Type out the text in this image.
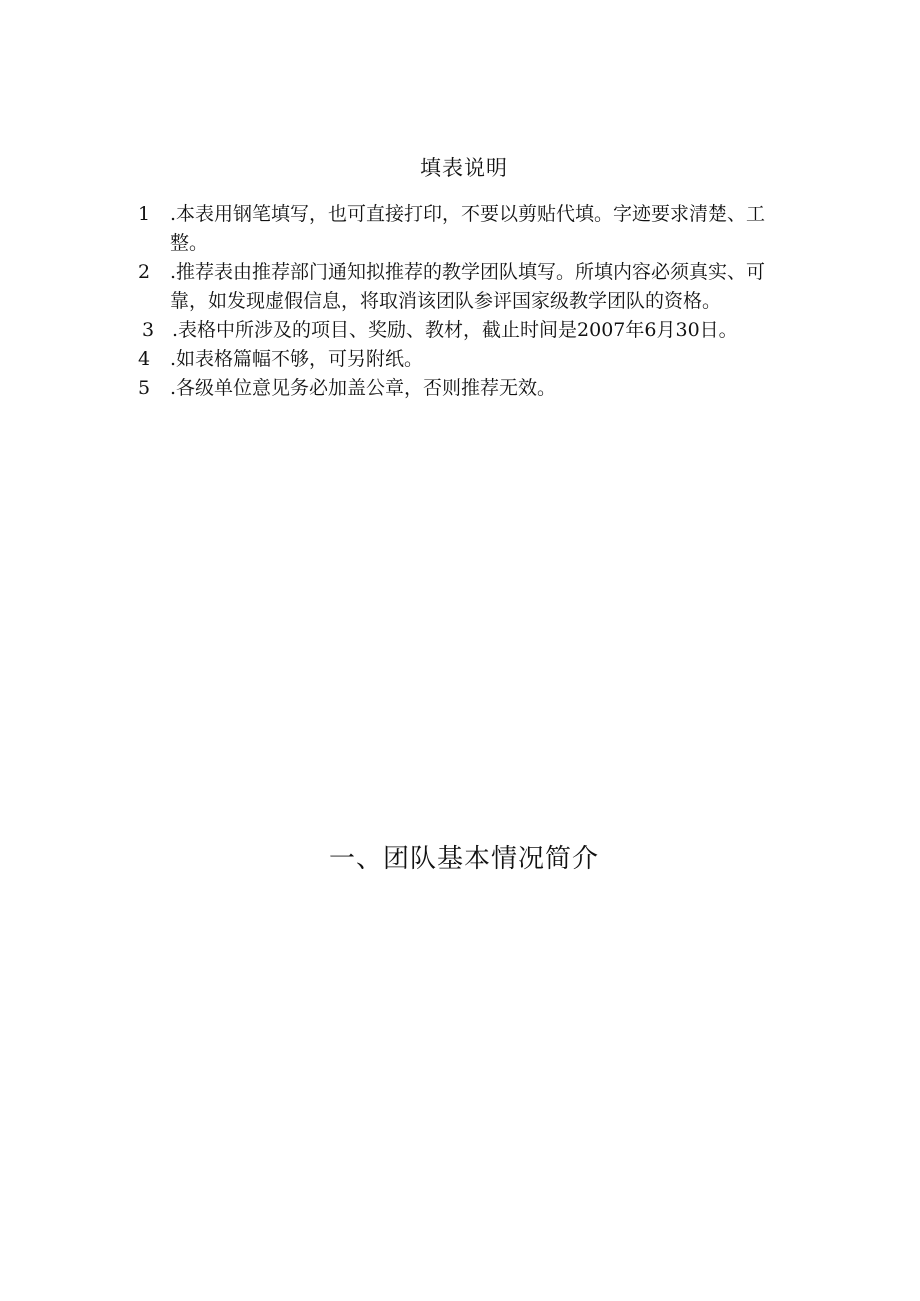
填表说明
1 .本表用钢笔填写，也可直接打印，不要以剪贴代填。字迹要求清楚、工整。
2 .推荐表由推荐部门通知拟推荐的教学团队填写。所填内容必须真实、可靠，如发现虚假信息，将取消该团队参评国家级教学团队的资格。
3 .表格中所涉及的项目、奖励、教材，截止时间是2007年6月30日。
4 .如表格篇幅不够，可另附纸。
5 .各级单位意见务必加盖公章，否则推荐无效。
一、团队基本情况简介
